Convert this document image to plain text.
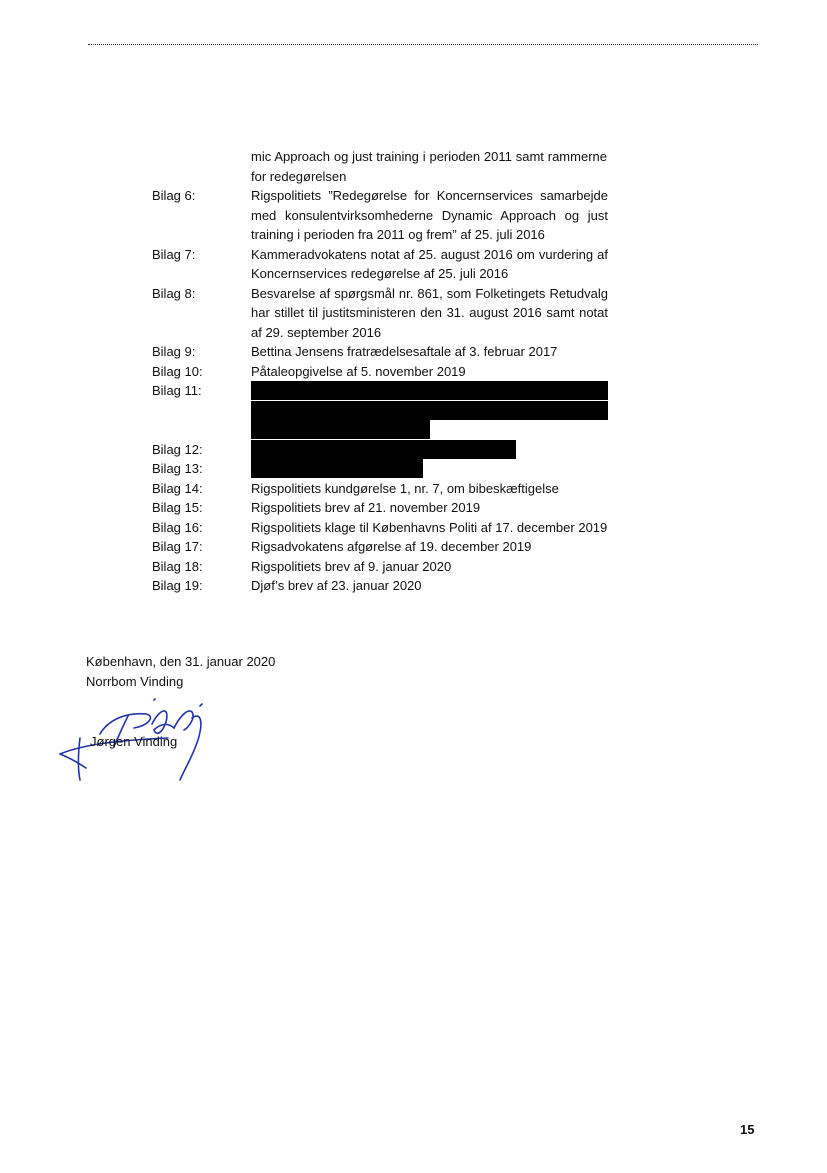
mic Approach og just training i perioden 2011 samt rammerne for redegørelsen
Bilag 6:	Rigspolitiets ”Redegørelse for Koncernservices samarbejde med konsulentvirksomhederne Dynamic Approach og just training i perioden fra 2011 og frem” af 25. juli 2016
Bilag 7:	Kammeradvokatens notat af 25. august 2016 om vurdering af Koncernservices redegørelse af 25. juli 2016
Bilag 8:	Besvarelse af spørgsmål nr. 861, som Folketingets Retudvalg har stillet til justitsministeren den 31. august 2016 samt notat af 29. september 2016
Bilag 9:	Bettina Jensens fratrædelsesaftale af 3. februar 2017
Bilag 10:	Påtaleopgivelse af 5. november 2019
Bilag 11:
Bilag 12:
Bilag 13:
Bilag 14:	Rigspolitiets kundgørelse 1, nr. 7, om bibeskæftigelse
Bilag 15:	Rigspolitiets brev af 21. november 2019
Bilag 16:	Rigspolitiets klage til Københavns Politi af 17. december 2019
Bilag 17:	Rigsadvokatens afgørelse af 19. december 2019
Bilag 18:	Rigspolitiets brev af 9. januar 2020
Bilag 19:	Djøf’s brev af 23. januar 2020
København, den 31. januar 2020
Norrbom Vinding
Jørgen Vinding
15
